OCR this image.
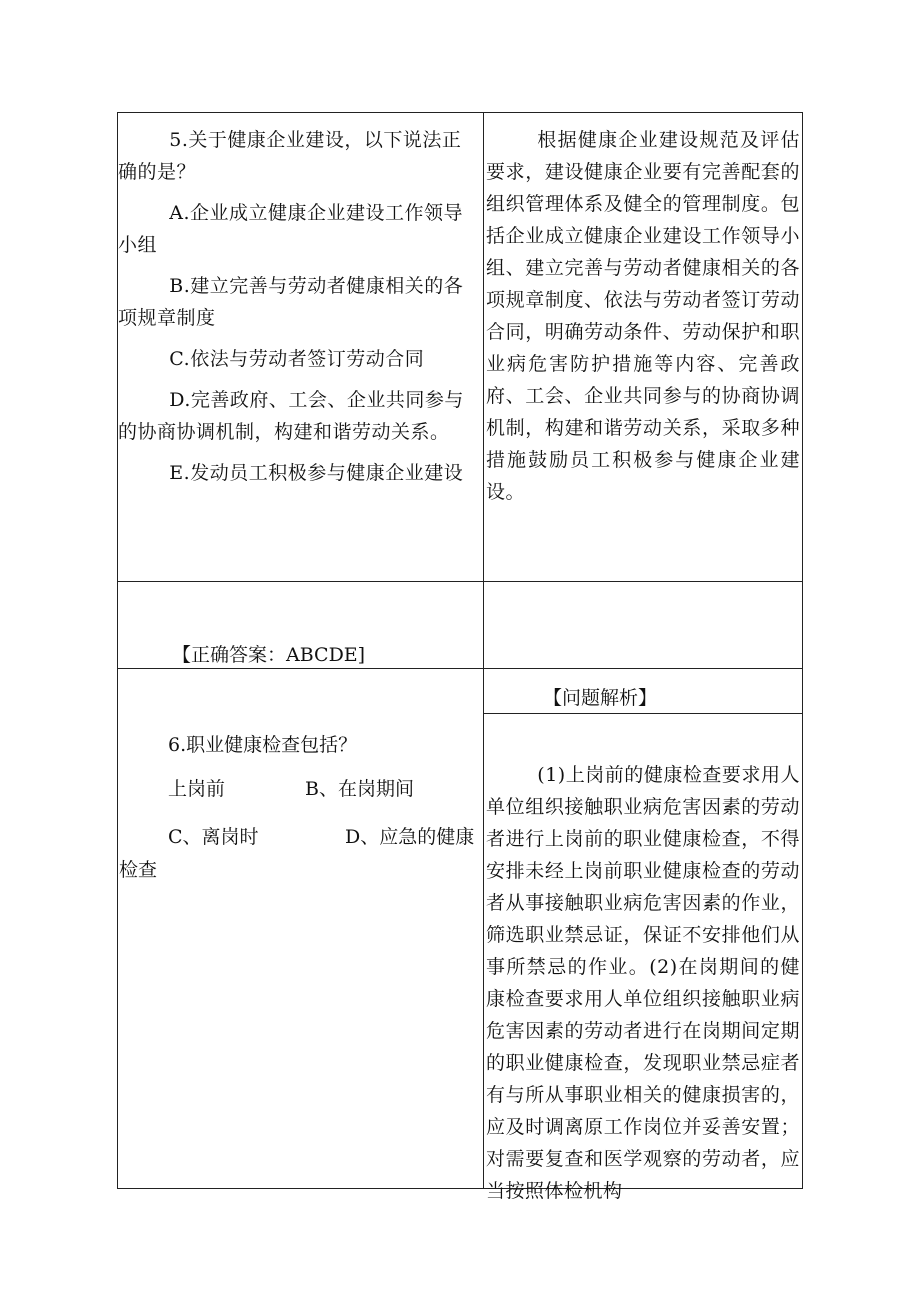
5.关于健康企业建设，以下说法正确的是？

A.企业成立健康企业建设工作领导小组

B.建立完善与劳动者健康相关的各项规章制度

C.依法与劳动者签订劳动合同

D.完善政府、工会、企业共同参与的协商协调机制，构建和谐劳动关系。

E.发动员工积极参与健康企业建设

根据健康企业建设规范及评估要求，建设健康企业要有完善配套的组织管理体系及健全的管理制度。包括企业成立健康企业建设工作领导小组、建立完善与劳动者健康相关的各项规章制度、依法与劳动者签订劳动合同，明确劳动条件、劳动保护和职业病危害防护措施等内容、完善政府、工会、企业共同参与的协商协调机制，构建和谐劳动关系，采取多种措施鼓励员工积极参与健康企业建设。

【正确答案：ABCDE]
6.职业健康检查包括？
上岗前	B、在岗期间
C、离岗时	D、应急的健康
检查
【问题解析】

(1)上岗前的健康检查要求用人单位组织接触职业病危害因素的劳动者进行上岗前的职业健康检查，不得安排未经上岗前职业健康检查的劳动者从事接触职业病危害因素的作业，筛选职业禁忌证，保证不安排他们从事所禁忌的作业。(2)在岗期间的健康检查要求用人单位组织接触职业病危害因素的劳动者进行在岗期间定期的职业健康检查，发现职业禁忌症者有与所从事职业相关的健康损害的，应及时调离原工作岗位并妥善安置；对需要复查和医学观察的劳动者，应当按照体检机构
